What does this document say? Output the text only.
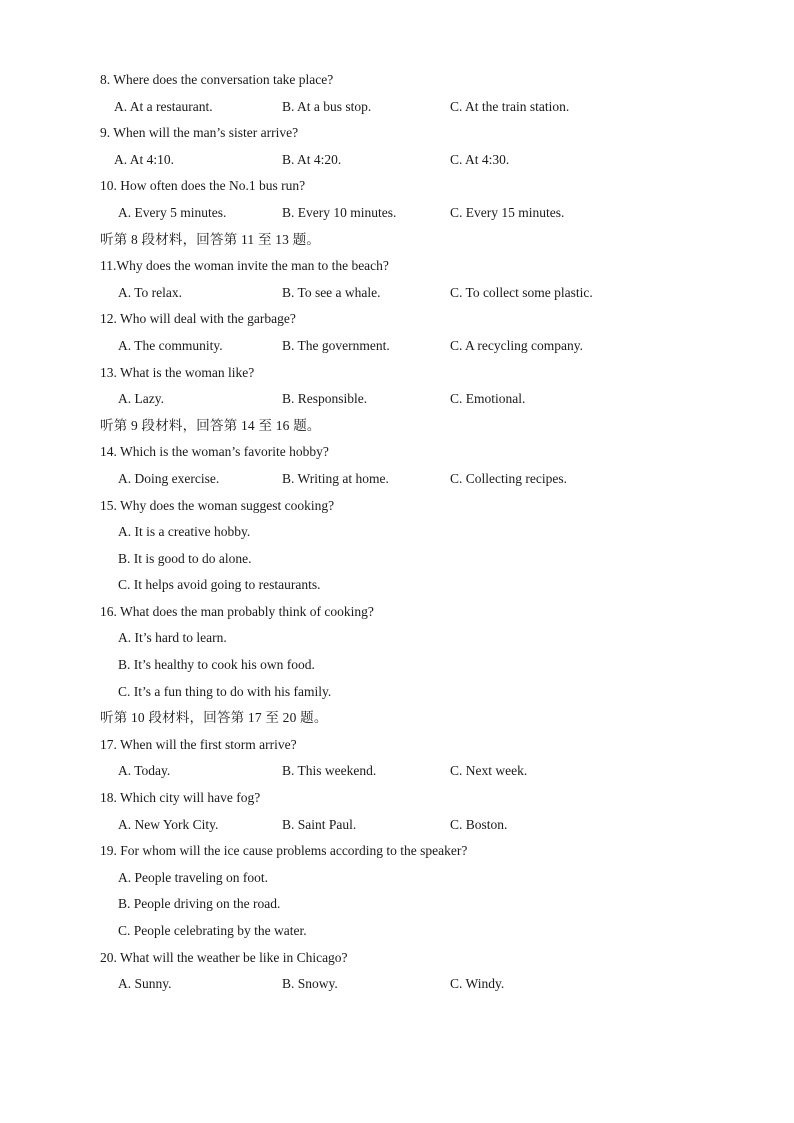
8. Where does the conversation take place?
A. At a restaurant.	B. At a bus stop.	C. At the train station.
9. When will the man’s sister arrive?
A. At 4:10.	B. At 4:20.	C. At 4:30.
10. How often does the No.1 bus run?
A. Every 5 minutes.	B. Every 10 minutes.	C. Every 15 minutes.
听第 8 段材料，回答第 11 至 13 题。
11.Why does the woman invite the man to the beach?
A. To relax.	B. To see a whale.	C. To collect some plastic.
12. Who will deal with the garbage?
A. The community.	B. The government.	C. A recycling company.
13. What is the woman like?
A. Lazy.	B. Responsible.	C. Emotional.
听第 9 段材料，回答第 14 至 16 题。
14. Which is the woman’s favorite hobby?
A. Doing exercise.	B. Writing at home.	C. Collecting recipes.
15. Why does the woman suggest cooking?
A. It is a creative hobby.
B. It is good to do alone.
C. It helps avoid going to restaurants.
16. What does the man probably think of cooking?
A. It’s hard to learn.
B. It’s healthy to cook his own food.
C. It’s a fun thing to do with his family.
听第 10 段材料，回答第 17 至 20 题。
17. When will the first storm arrive?
A. Today.	B. This weekend.	C. Next week.
18. Which city will have fog?
A. New York City.	B. Saint Paul.	C. Boston.
19. For whom will the ice cause problems according to the speaker?
A. People traveling on foot.
B. People driving on the road.
C. People celebrating by the water.
20. What will the weather be like in Chicago?
A. Sunny.	B. Snowy.	C. Windy.
